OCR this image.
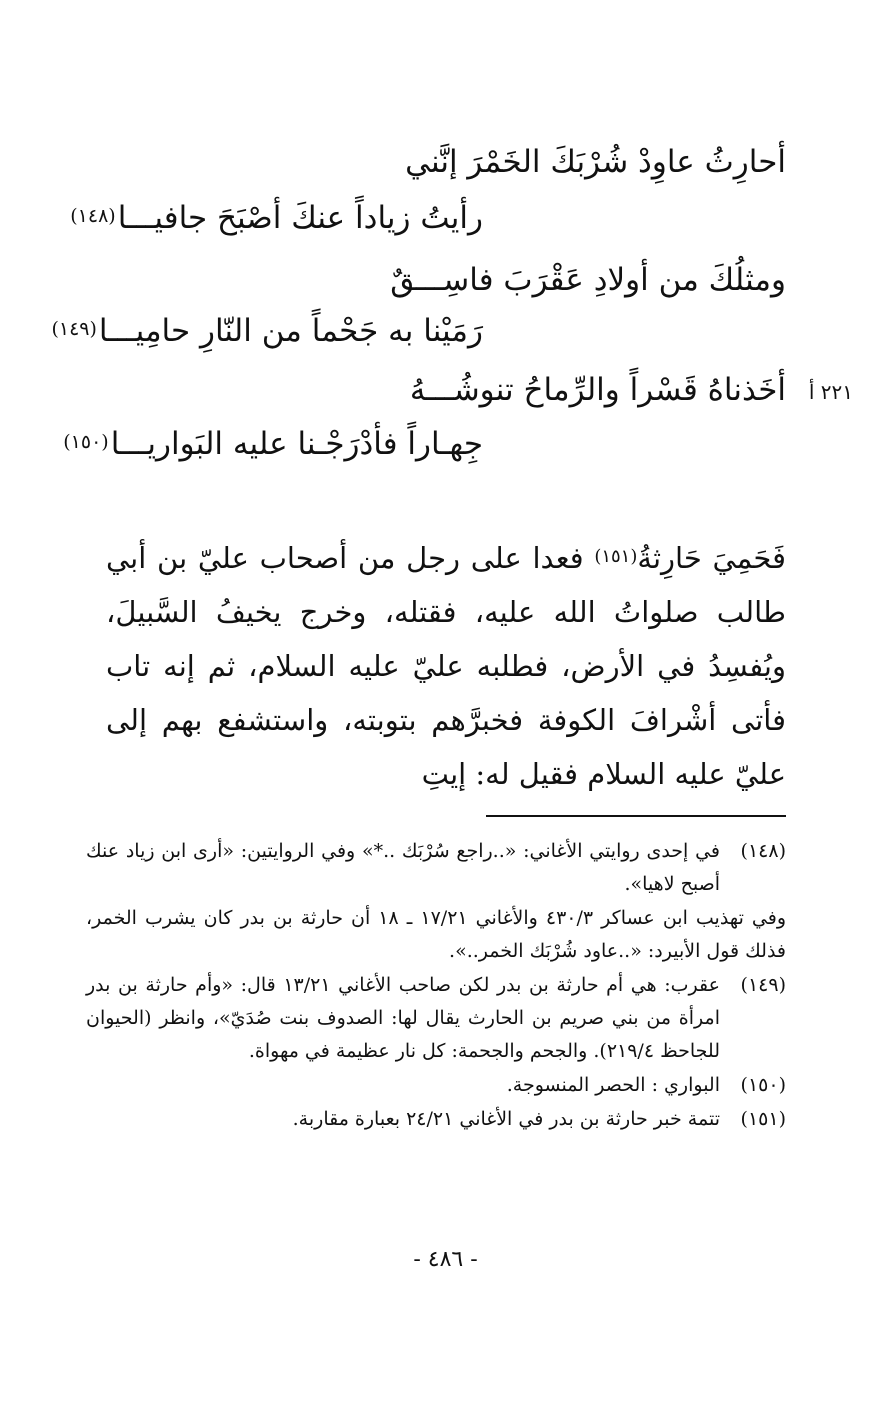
أحارِثُ عاوِدْ شُرْبَكَ الخَمْرَ إنَّني
رأيتُ زياداً عنكَ أصْبَحَ جافيـــا(١٤٨)
ومثلُكَ من أولادِ عَقْرَبَ فاسِـــقٌ
رَمَيْنا به جَحْماً من النّارِ حامِيـــا(١٤٩)
أخَذناهُ قَسْراً والرِّماحُ تنوشُـــهُ
جِهـاراً فأدْرَجْـنا عليه البَواريـــا(١٥٠)
٢٢١ أ
فَحَمِيَ حَارِثةُ$^{(١٥١)}$ فعدا على رجل من أصحاب عليّ بن أبي طالب صلواتُ الله عليه، فقتله، وخرج يخيفُ السَّبيلَ، ويُفسِدُ في الأرض، فطلبه عليّ عليه السلام، ثم إنه تاب فأتى أشْرافَ الكوفة فخبرَّهم بتوبته، واستشفع بهم إلى عليّ عليه السلام فقيل له: إيتِ
(١٤٨)
في إحدى روايتي الأغاني: «..راجع سُرْبَك ..*» وفي الروايتين: «أرى ابن زياد عنك أصبح لاهيا».
وفي تهذيب ابن عساكر ٤٣٠/٣ والأغاني ١٧/٢١ ـ ١٨ أن حارثة بن بدر كان يشرب الخمر، فذلك قول الأبيرد: «..عاود شُرْبَك الخمر..».
(١٤٩)
عقرب: هي أم حارثة بن بدر لكن صاحب الأغاني ١٣/٢١ قال: «وأم حارثة بن بدر امرأة من بني صريم بن الحارث يقال لها: الصدوف بنت صُدَيّ»، وانظر (الحيوان للجاحظ ٢١٩/٤). والجحم والجحمة: كل نار عظيمة في مهواة.
(١٥٠)
البواري : الحصر المنسوجة.
(١٥١)
تتمة خبر حارثة بن بدر في الأغاني ٢٤/٢١ بعبارة مقاربة.
- ٤٨٦ -
